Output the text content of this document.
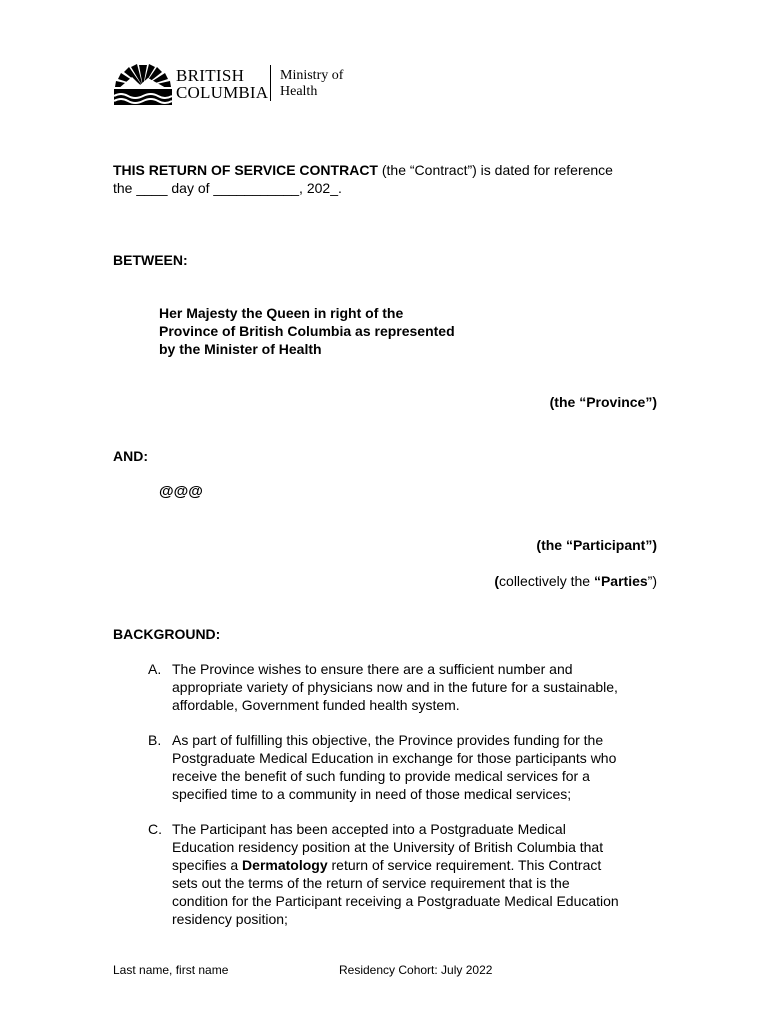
BRITISH
COLUMBIA
Ministry of
Health
THIS RETURN OF SERVICE CONTRACT (the “Contract”) is dated for reference
the ____ day of ___________, 202_.
BETWEEN:
Her Majesty the Queen in right of the
Province of British Columbia as represented
by the Minister of Health
(the “Province”)
AND:
@@@
(the “Participant”)
(collectively the “Parties”)
BACKGROUND:
A. The Province wishes to ensure there are a sufficient number and
appropriate variety of physicians now and in the future for a sustainable,
affordable, Government funded health system.
B. As part of fulfilling this objective, the Province provides funding for the
Postgraduate Medical Education in exchange for those participants who
receive the benefit of such funding to provide medical services for a
specified time to a community in need of those medical services;
C. The Participant has been accepted into a Postgraduate Medical
Education residency position at the University of British Columbia that
specifies a Dermatology return of service requirement. This Contract
sets out the terms of the return of service requirement that is the
condition for the Participant receiving a Postgraduate Medical Education
residency position;
Last name, first name	Residency Cohort: July 2022
